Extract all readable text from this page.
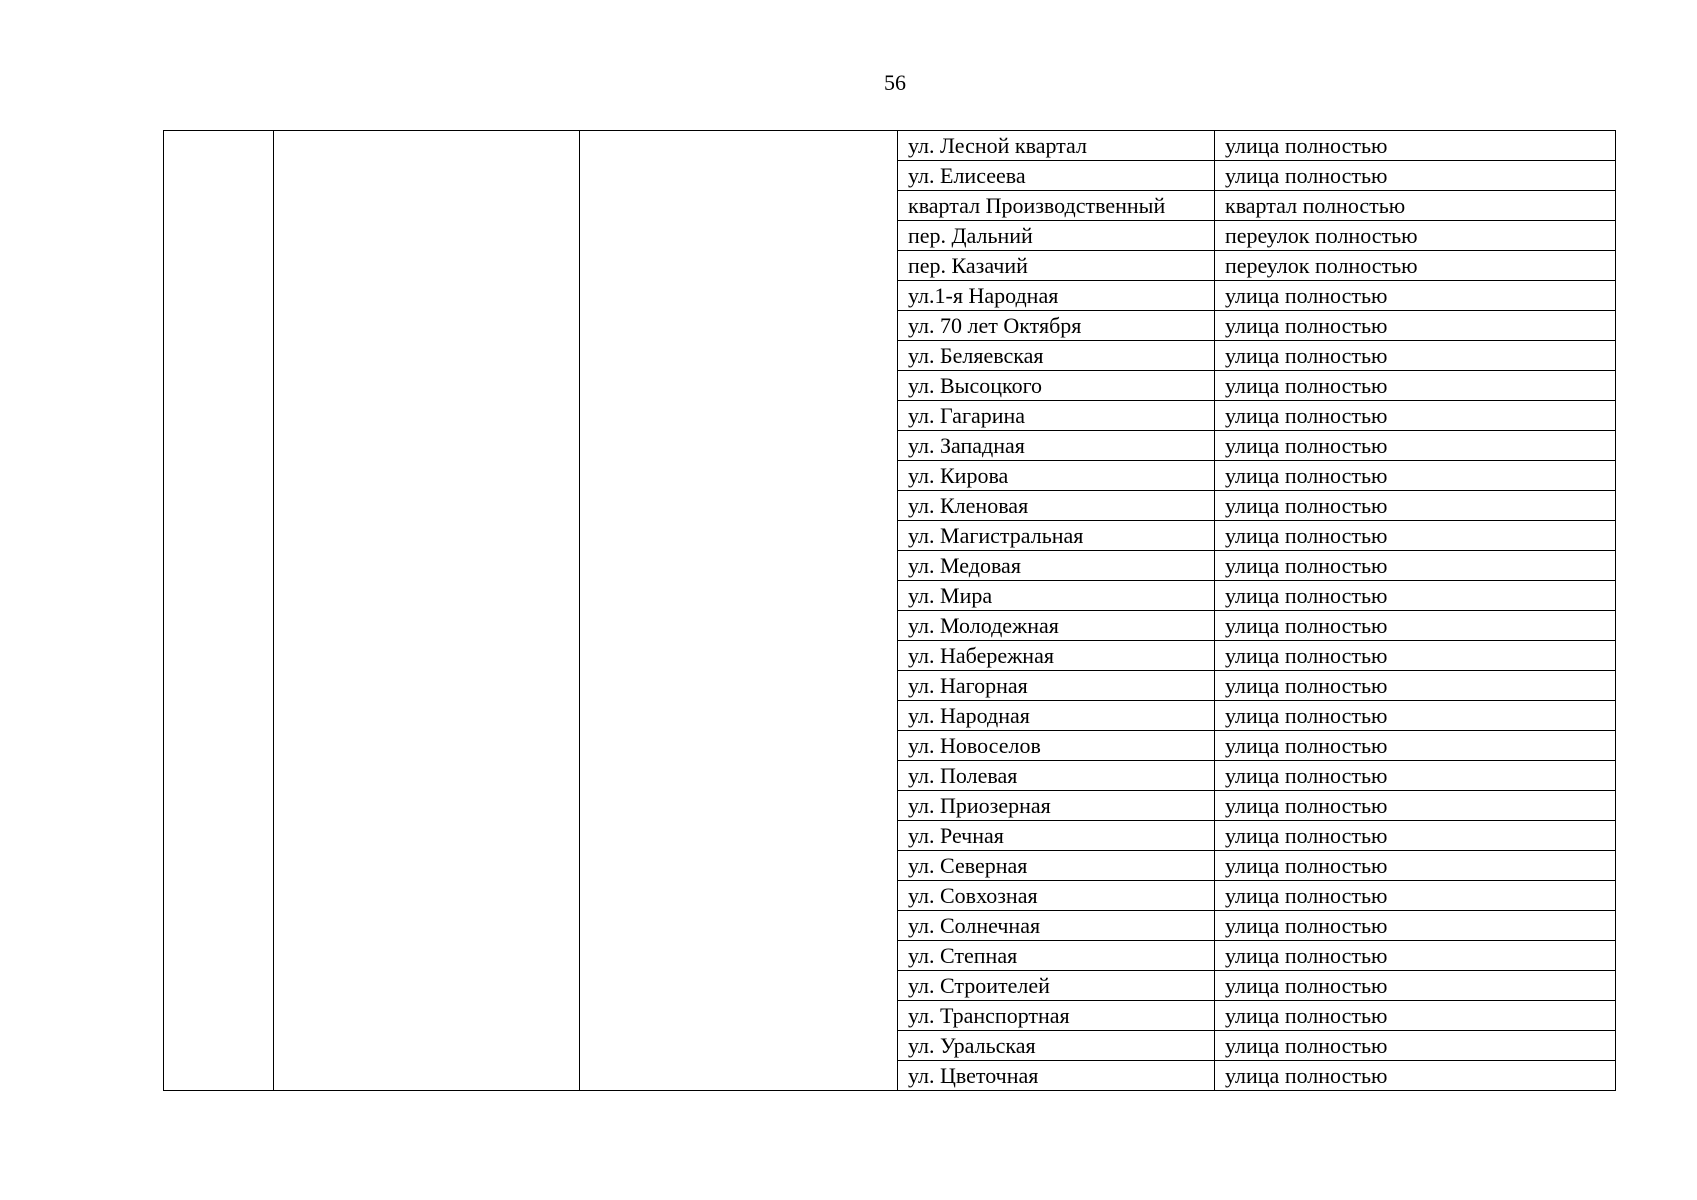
56
			ул. Лесной квартал	улица полностью
			ул. Елисеева	улица полностью
			квартал Производственный	квартал полностью
			пер. Дальний	переулок полностью
			пер. Казачий	переулок полностью
			ул.1-я Народная	улица полностью
			ул. 70 лет Октября	улица полностью
			ул. Беляевская	улица полностью
			ул. Высоцкого	улица полностью
			ул. Гагарина	улица полностью
			ул. Западная	улица полностью
			ул. Кирова	улица полностью
			ул. Кленовая	улица полностью
			ул. Магистральная	улица полностью
			ул. Медовая	улица полностью
			ул. Мира	улица полностью
			ул. Молодежная	улица полностью
			ул. Набережная	улица полностью
			ул. Нагорная	улица полностью
			ул. Народная	улица полностью
			ул. Новоселов	улица полностью
			ул. Полевая	улица полностью
			ул. Приозерная	улица полностью
			ул. Речная	улица полностью
			ул. Северная	улица полностью
			ул. Совхозная	улица полностью
			ул. Солнечная	улица полностью
			ул. Степная	улица полностью
			ул. Строителей	улица полностью
			ул. Транспортная	улица полностью
			ул. Уральская	улица полностью
			ул. Цветочная	улица полностью
